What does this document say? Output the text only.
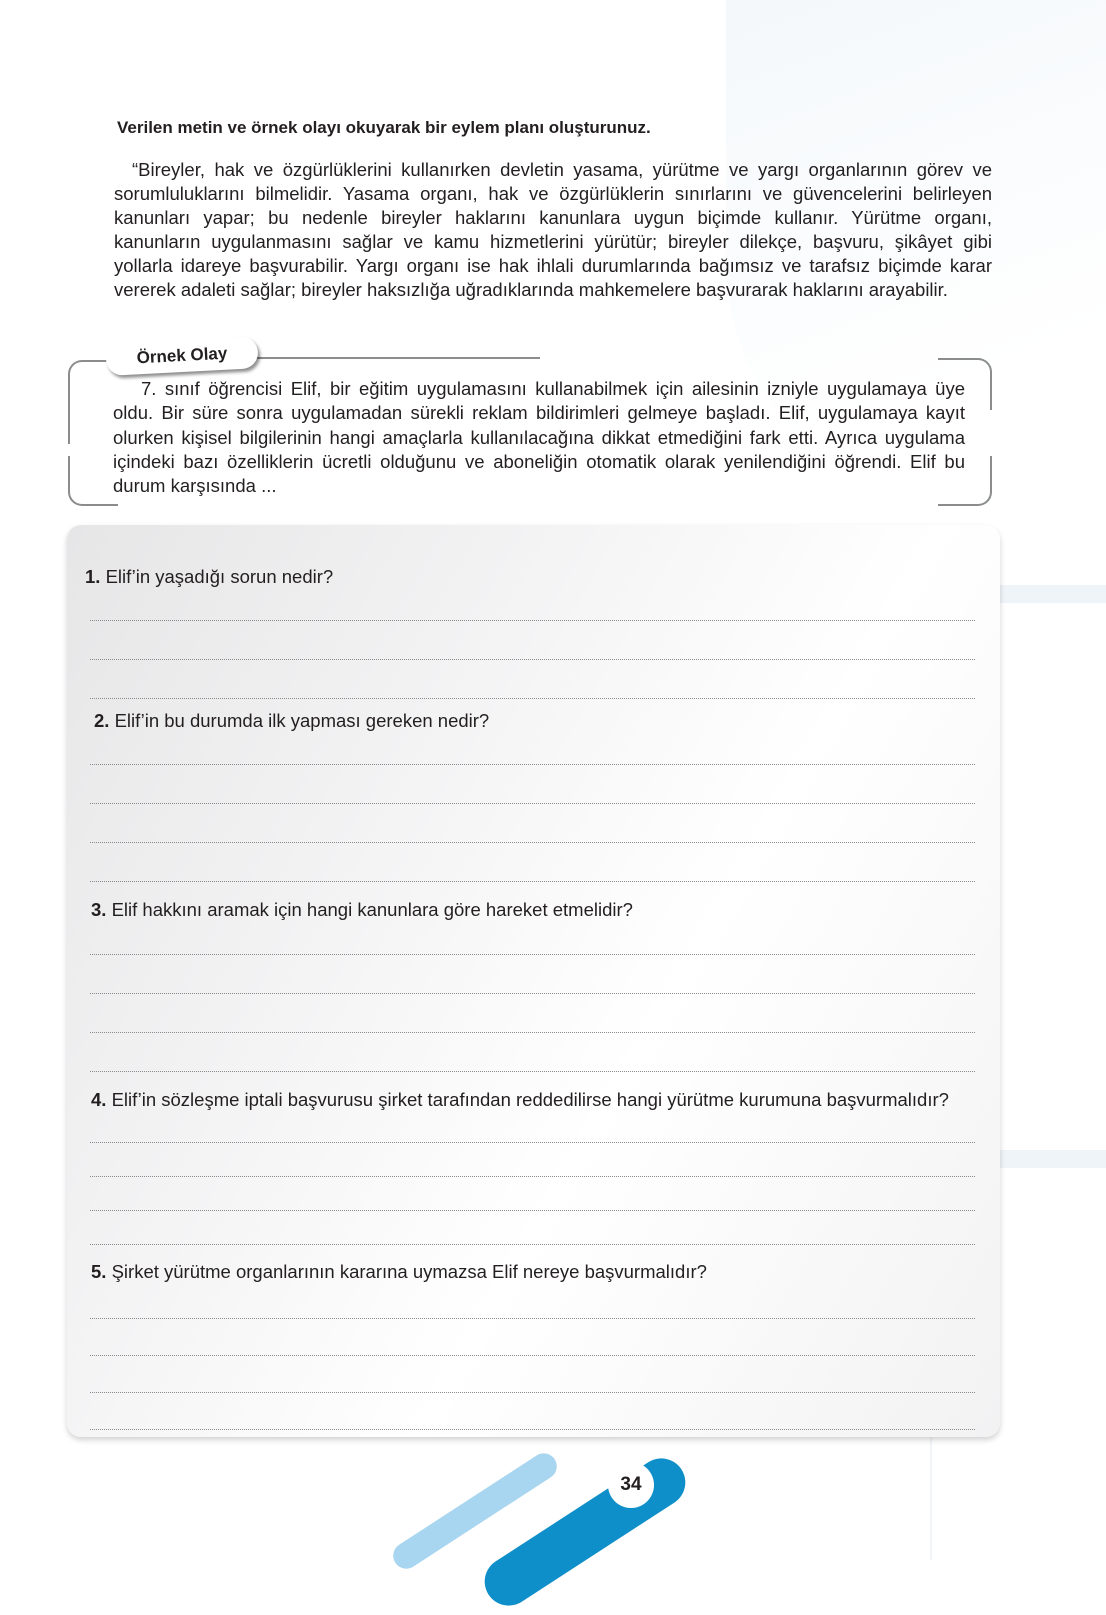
Verilen metin ve örnek olayı okuyarak bir eylem planı oluşturunuz.

“Bireyler, hak ve özgürlüklerini kullanırken devletin yasama, yürütme ve yargı organlarının görev ve sorumluluklarını bilmelidir. Yasama organı, hak ve özgürlüklerin sınırlarını ve güvencelerini belirleyen kanunları yapar; bu nedenle bireyler haklarını kanunlara uygun biçimde kullanır. Yürütme organı, kanunların uygulanmasını sağlar ve kamu hizmetlerini yürütür; bireyler dilekçe, başvuru, şikâyet gibi yollarla idareye başvurabilir. Yargı organı ise hak ihlali durumlarında bağımsız ve tarafsız biçimde karar vererek adaleti sağlar; bireyler haksızlığa uğradıklarında mahkemelere başvurarak haklarını arayabilir.

Örnek Olay

7. sınıf öğrencisi Elif, bir eğitim uygulamasını kullanabilmek için ailesinin izniyle uygulamaya üye oldu. Bir süre sonra uygulamadan sürekli reklam bildirimleri gelmeye başladı. Elif, uygulamaya kayıt olurken kişisel bilgilerinin hangi amaçlarla kullanılacağına dikkat etmediğini fark etti. Ayrıca uygulama içindeki bazı özelliklerin ücretli olduğunu ve aboneliğin otomatik olarak yenilendiğini öğrendi. Elif bu durum karşısında ...

1. Elif’in yaşadığı sorun nedir?
2. Elif’in bu durumda ilk yapması gereken nedir?
3. Elif hakkını aramak için hangi kanunlara göre hareket etmelidir?
4. Elif’in sözleşme iptali başvurusu şirket tarafından reddedilirse hangi yürütme kurumuna başvurmalıdır?
5. Şirket yürütme organlarının kararına uymazsa Elif nereye başvurmalıdır?
34
